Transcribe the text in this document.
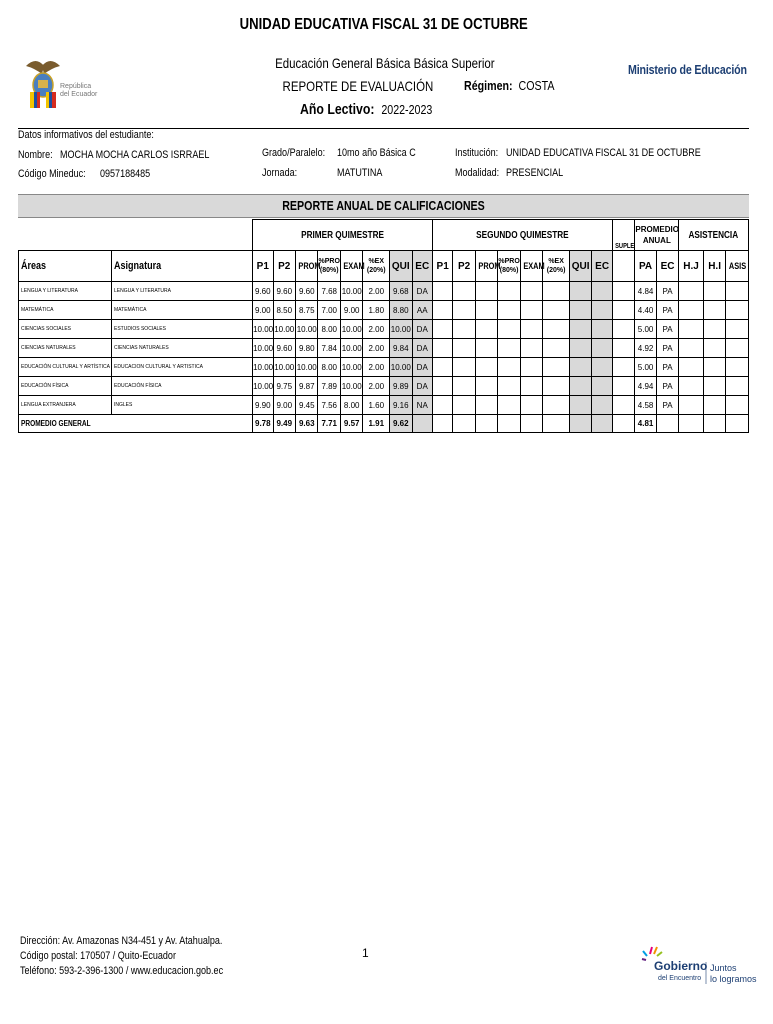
UNIDAD EDUCATIVA FISCAL 31 DE OCTUBRE
República
del Ecuador
Educación General Básica Básica Superior
REPORTE DE EVALUACIÓN	Régimen: COSTA
Año Lectivo: 2022-2023
Ministerio de Educación
Datos informativos del estudiante:
Nombre: MOCHA MOCHA CARLOS ISRRAEL
Código Mineduc:	0957188485
Grado/Paralelo:	10mo año Básica C
Jornada:	MATUTINA
Institución: UNIDAD EDUCATIVA FISCAL 31 DE OCTUBRE
Modalidad: PRESENCIAL
REPORTE ANUAL DE CALIFICACIONES
		PRIMER QUIMESTRE								SEGUNDO QUIMESTRE								SUPLE	PROMEDIO ANUAL		ASISTENCIA		
Áreas	Asignatura	P1	P2	PROM	%PRO (80%)	EXAM	%EX (20%)	QUI	EC	P1	P2	PROM	%PRO (80%)	EXAM	%EX (20%)	QUI	EC		PA	EC	H.J	H.I	ASIS
LENGUA Y LITERATURA	LENGUA Y LITERATURA	9.60	9.60	9.60	7.68	10.00	2.00	9.68	DA										4.84	PA			
MATEMÁTICA	MATEMÁTICA	9.00	8.50	8.75	7.00	9.00	1.80	8.80	AA										4.40	PA			
CIENCIAS SOCIALES	ESTUDIOS SOCIALES	10.00	10.00	10.00	8.00	10.00	2.00	10.00	DA										5.00	PA			
CIENCIAS NATURALES	CIENCIAS NATURALES	10.00	9.60	9.80	7.84	10.00	2.00	9.84	DA										4.92	PA			
EDUCACIÓN CULTURAL Y ARTÍSTICA	EDUCACION CULTURAL Y ARTISTICA	10.00	10.00	10.00	8.00	10.00	2.00	10.00	DA										5.00	PA			
EDUCACIÓN FÍSICA	EDUCACIÓN FÍSICA	10.00	9.75	9.87	7.89	10.00	2.00	9.89	DA										4.94	PA			
LENGUA EXTRANJERA	INGLES	9.90	9.00	9.45	7.56	8.00	1.60	9.16	NA										4.58	PA			
PROMEDIO GENERAL		9.78	9.49	9.63	7.71	9.57	1.91	9.62											4.81				
Dirección: Av. Amazonas N34-451 y Av. Atahualpa.
Código postal: 170507 / Quito-Ecuador
Teléfono: 593-2-396-1300 / www.educacion.gob.ec
1
Gobierno
del Encuentro
Juntos
lo logramos
